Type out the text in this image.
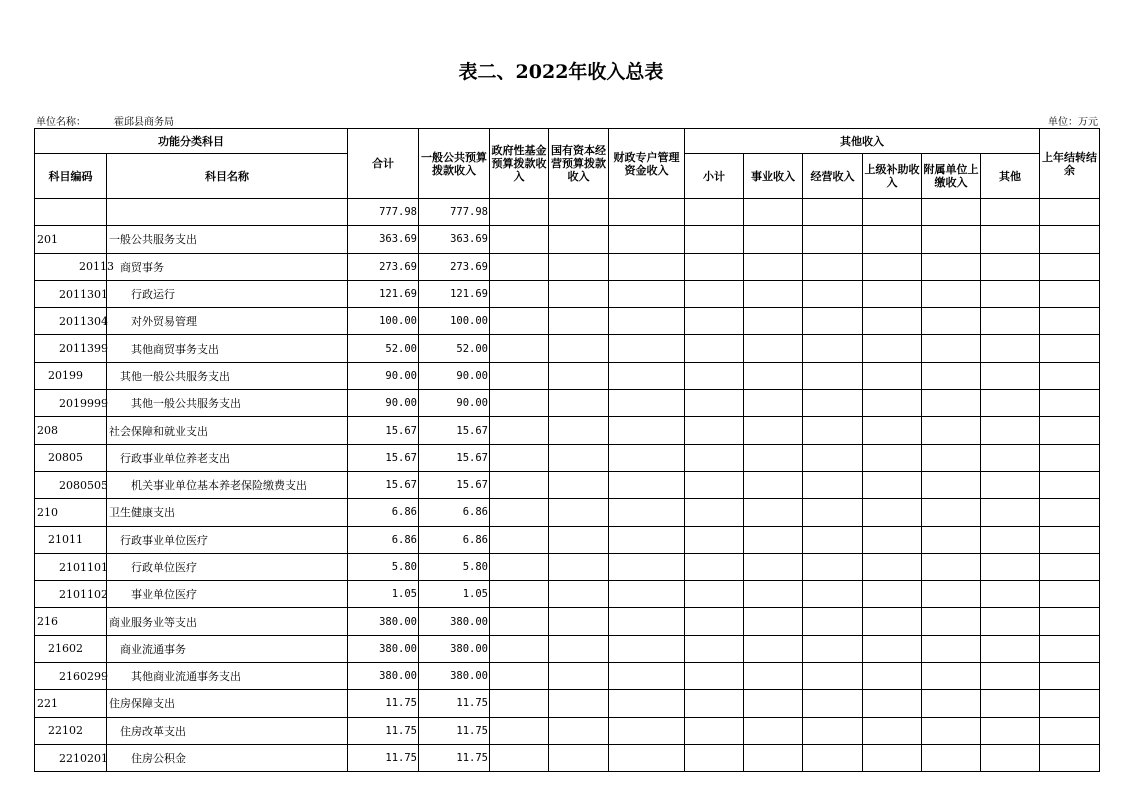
表二、2022年收入总表
单位名称：	霍邱县商务局	单位：万元
功能分类科目		合计	一般公共预算拨款收入	政府性基金预算拨款收入	国有资本经营预算拨款收入	财政专户管理资金收入	其他收入						上年结转结余
科目编码	科目名称						小计	事业收入	经营收入	上级补助收入	附属单位上缴收入	其他	
		777.98	777.98										
201	一般公共服务支出	363.69	363.69										
20113	商贸事务	273.69	273.69										
2011301	行政运行	121.69	121.69										
2011304	对外贸易管理	100.00	100.00										
2011399	其他商贸事务支出	52.00	52.00										
20199	其他一般公共服务支出	90.00	90.00										
2019999	其他一般公共服务支出	90.00	90.00										
208	社会保障和就业支出	15.67	15.67										
20805	行政事业单位养老支出	15.67	15.67										
2080505	机关事业单位基本养老保险缴费支出	15.67	15.67										
210	卫生健康支出	6.86	6.86										
21011	行政事业单位医疗	6.86	6.86										
2101101	行政单位医疗	5.80	5.80										
2101102	事业单位医疗	1.05	1.05										
216	商业服务业等支出	380.00	380.00										
21602	商业流通事务	380.00	380.00										
2160299	其他商业流通事务支出	380.00	380.00										
221	住房保障支出	11.75	11.75										
22102	住房改革支出	11.75	11.75										
2210201	住房公积金	11.75	11.75										
